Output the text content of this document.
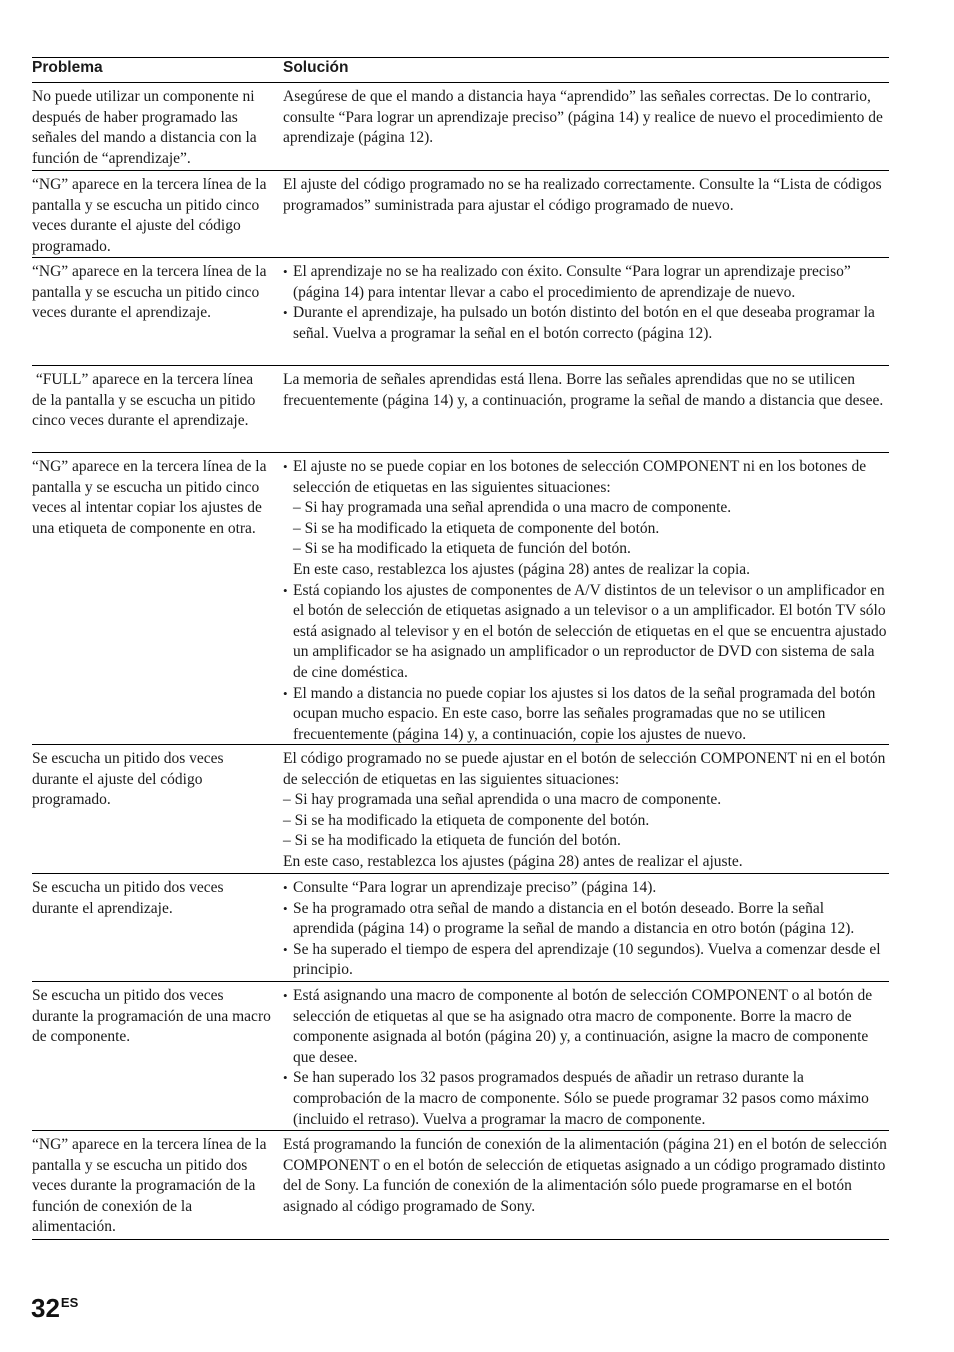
Problema	Solución
No puede utilizar un componente ni después de haber programado las señales del mando a distancia con la función de “aprendizaje”.

Asegúrese de que el mando a distancia haya “aprendido” las señales correctas. De lo contrario, consulte “Para lograr un aprendizaje preciso” (página 14) y realice de nuevo el procedimiento de aprendizaje (página 12).

“NG” aparece en la tercera línea de la pantalla y se escucha un pitido cinco veces durante el ajuste del código programado.

El ajuste del código programado no se ha realizado correctamente. Consulte la “Lista de códigos programados” suministrada para ajustar el código programado de nuevo.

“NG” aparece en la tercera línea de la pantalla y se escucha un pitido cinco veces durante el aprendizaje.

• El aprendizaje no se ha realizado con éxito. Consulte “Para lograr un aprendizaje preciso” (página 14) para intentar llevar a cabo el procedimiento de aprendizaje de nuevo.

• Durante el aprendizaje, ha pulsado un botón distinto del botón en el que deseaba programar la señal. Vuelva a programar la señal en el botón correcto (página 12).

“FULL” aparece en la tercera línea de la pantalla y se escucha un pitido cinco veces durante el aprendizaje.

La memoria de señales aprendidas está llena. Borre las señales aprendidas que no se utilicen frecuentemente (página 14) y, a continuación, programe la señal de mando a distancia que desee.

“NG” aparece en la tercera línea de la pantalla y se escucha un pitido cinco veces al intentar copiar los ajustes de una etiqueta de componente en otra.

• El ajuste no se puede copiar en los botones de selección COMPONENT ni en los botones de selección de etiquetas en las siguientes situaciones:

– Si hay programada una señal aprendida o una macro de componente.

– Si se ha modificado la etiqueta de componente del botón.

– Si se ha modificado la etiqueta de función del botón.

En este caso, restablezca los ajustes (página 28) antes de realizar la copia.

• Está copiando los ajustes de componentes de A/V distintos de un televisor o un amplificador en el botón de selección de etiquetas asignado a un televisor o a un amplificador. El botón TV sólo está asignado al televisor y en el botón de selección de etiquetas en el que se encuentra ajustado un amplificador se ha asignado un amplificador o un reproductor de DVD con sistema de sala de cine doméstica.

• El mando a distancia no puede copiar los ajustes si los datos de la señal programada del botón ocupan mucho espacio. En este caso, borre las señales programadas que no se utilicen frecuentemente (página 14) y, a continuación, copie los ajustes de nuevo.

Se escucha un pitido dos veces durante el ajuste del código programado.

El código programado no se puede ajustar en el botón de selección COMPONENT ni en el botón de selección de etiquetas en las siguientes situaciones:

– Si hay programada una señal aprendida o una macro de componente.

– Si se ha modificado la etiqueta de componente del botón.

– Si se ha modificado la etiqueta de función del botón.

En este caso, restablezca los ajustes (página 28) antes de realizar el ajuste.

Se escucha un pitido dos veces durante el aprendizaje.

• Consulte “Para lograr un aprendizaje preciso” (página 14).

• Se ha programado otra señal de mando a distancia en el botón deseado. Borre la señal aprendida (página 14) o programe la señal de mando a distancia en otro botón (página 12).

• Se ha superado el tiempo de espera del aprendizaje (10 segundos). Vuelva a comenzar desde el principio.

Se escucha un pitido dos veces durante la programación de una macro de componente.

• Está asignando una macro de componente al botón de selección COMPONENT o al botón de selección de etiquetas al que se ha asignado otra macro de componente. Borre la macro de componente asignada al botón (página 20) y, a continuación, asigne la macro de componente que desee.

• Se han superado los 32 pasos programados después de añadir un retraso durante la comprobación de la macro de componente. Sólo se puede programar 32 pasos como máximo (incluido el retraso). Vuelva a programar la macro de componente.

“NG” aparece en la tercera línea de la pantalla y se escucha un pitido dos veces durante la programación de la función de conexión de la alimentación.

Está programando la función de conexión de la alimentación (página 21) en el botón de selección COMPONENT o en el botón de selección de etiquetas asignado a un código programado distinto del de Sony. La función de conexión de la alimentación sólo puede programarse en el botón asignado al código programado de Sony.

$32^{ES}$
